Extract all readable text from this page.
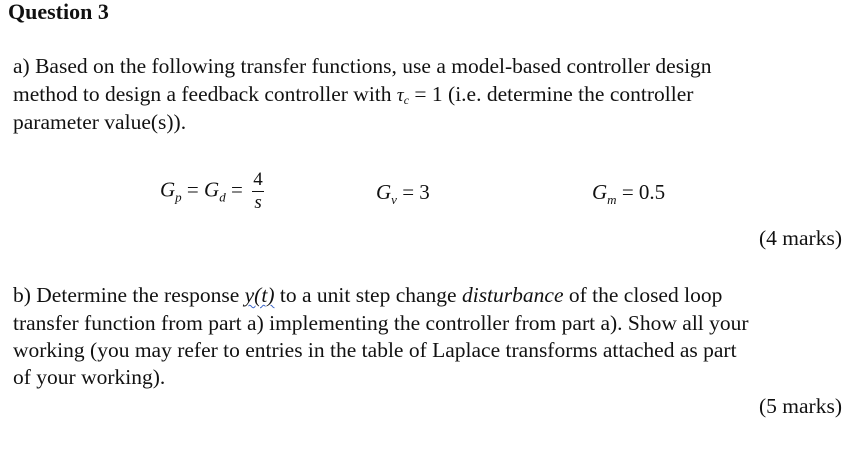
Question 3
a) Based on the following transfer functions, use a model-based controller design
method to design a feedback controller with $\tau_c = 1$ (i.e. determine the controller
parameter value(s)).
$G_p = G_d = \frac{4}{s}$	$G_v = 3$	$G_m = 0.5$
(4 marks)
b) Determine the response y(t) to a unit step change disturbance of the closed loop
transfer function from part a) implementing the controller from part a). Show all your
working (you may refer to entries in the table of Laplace transforms attached as part
of your working).
(5 marks)
